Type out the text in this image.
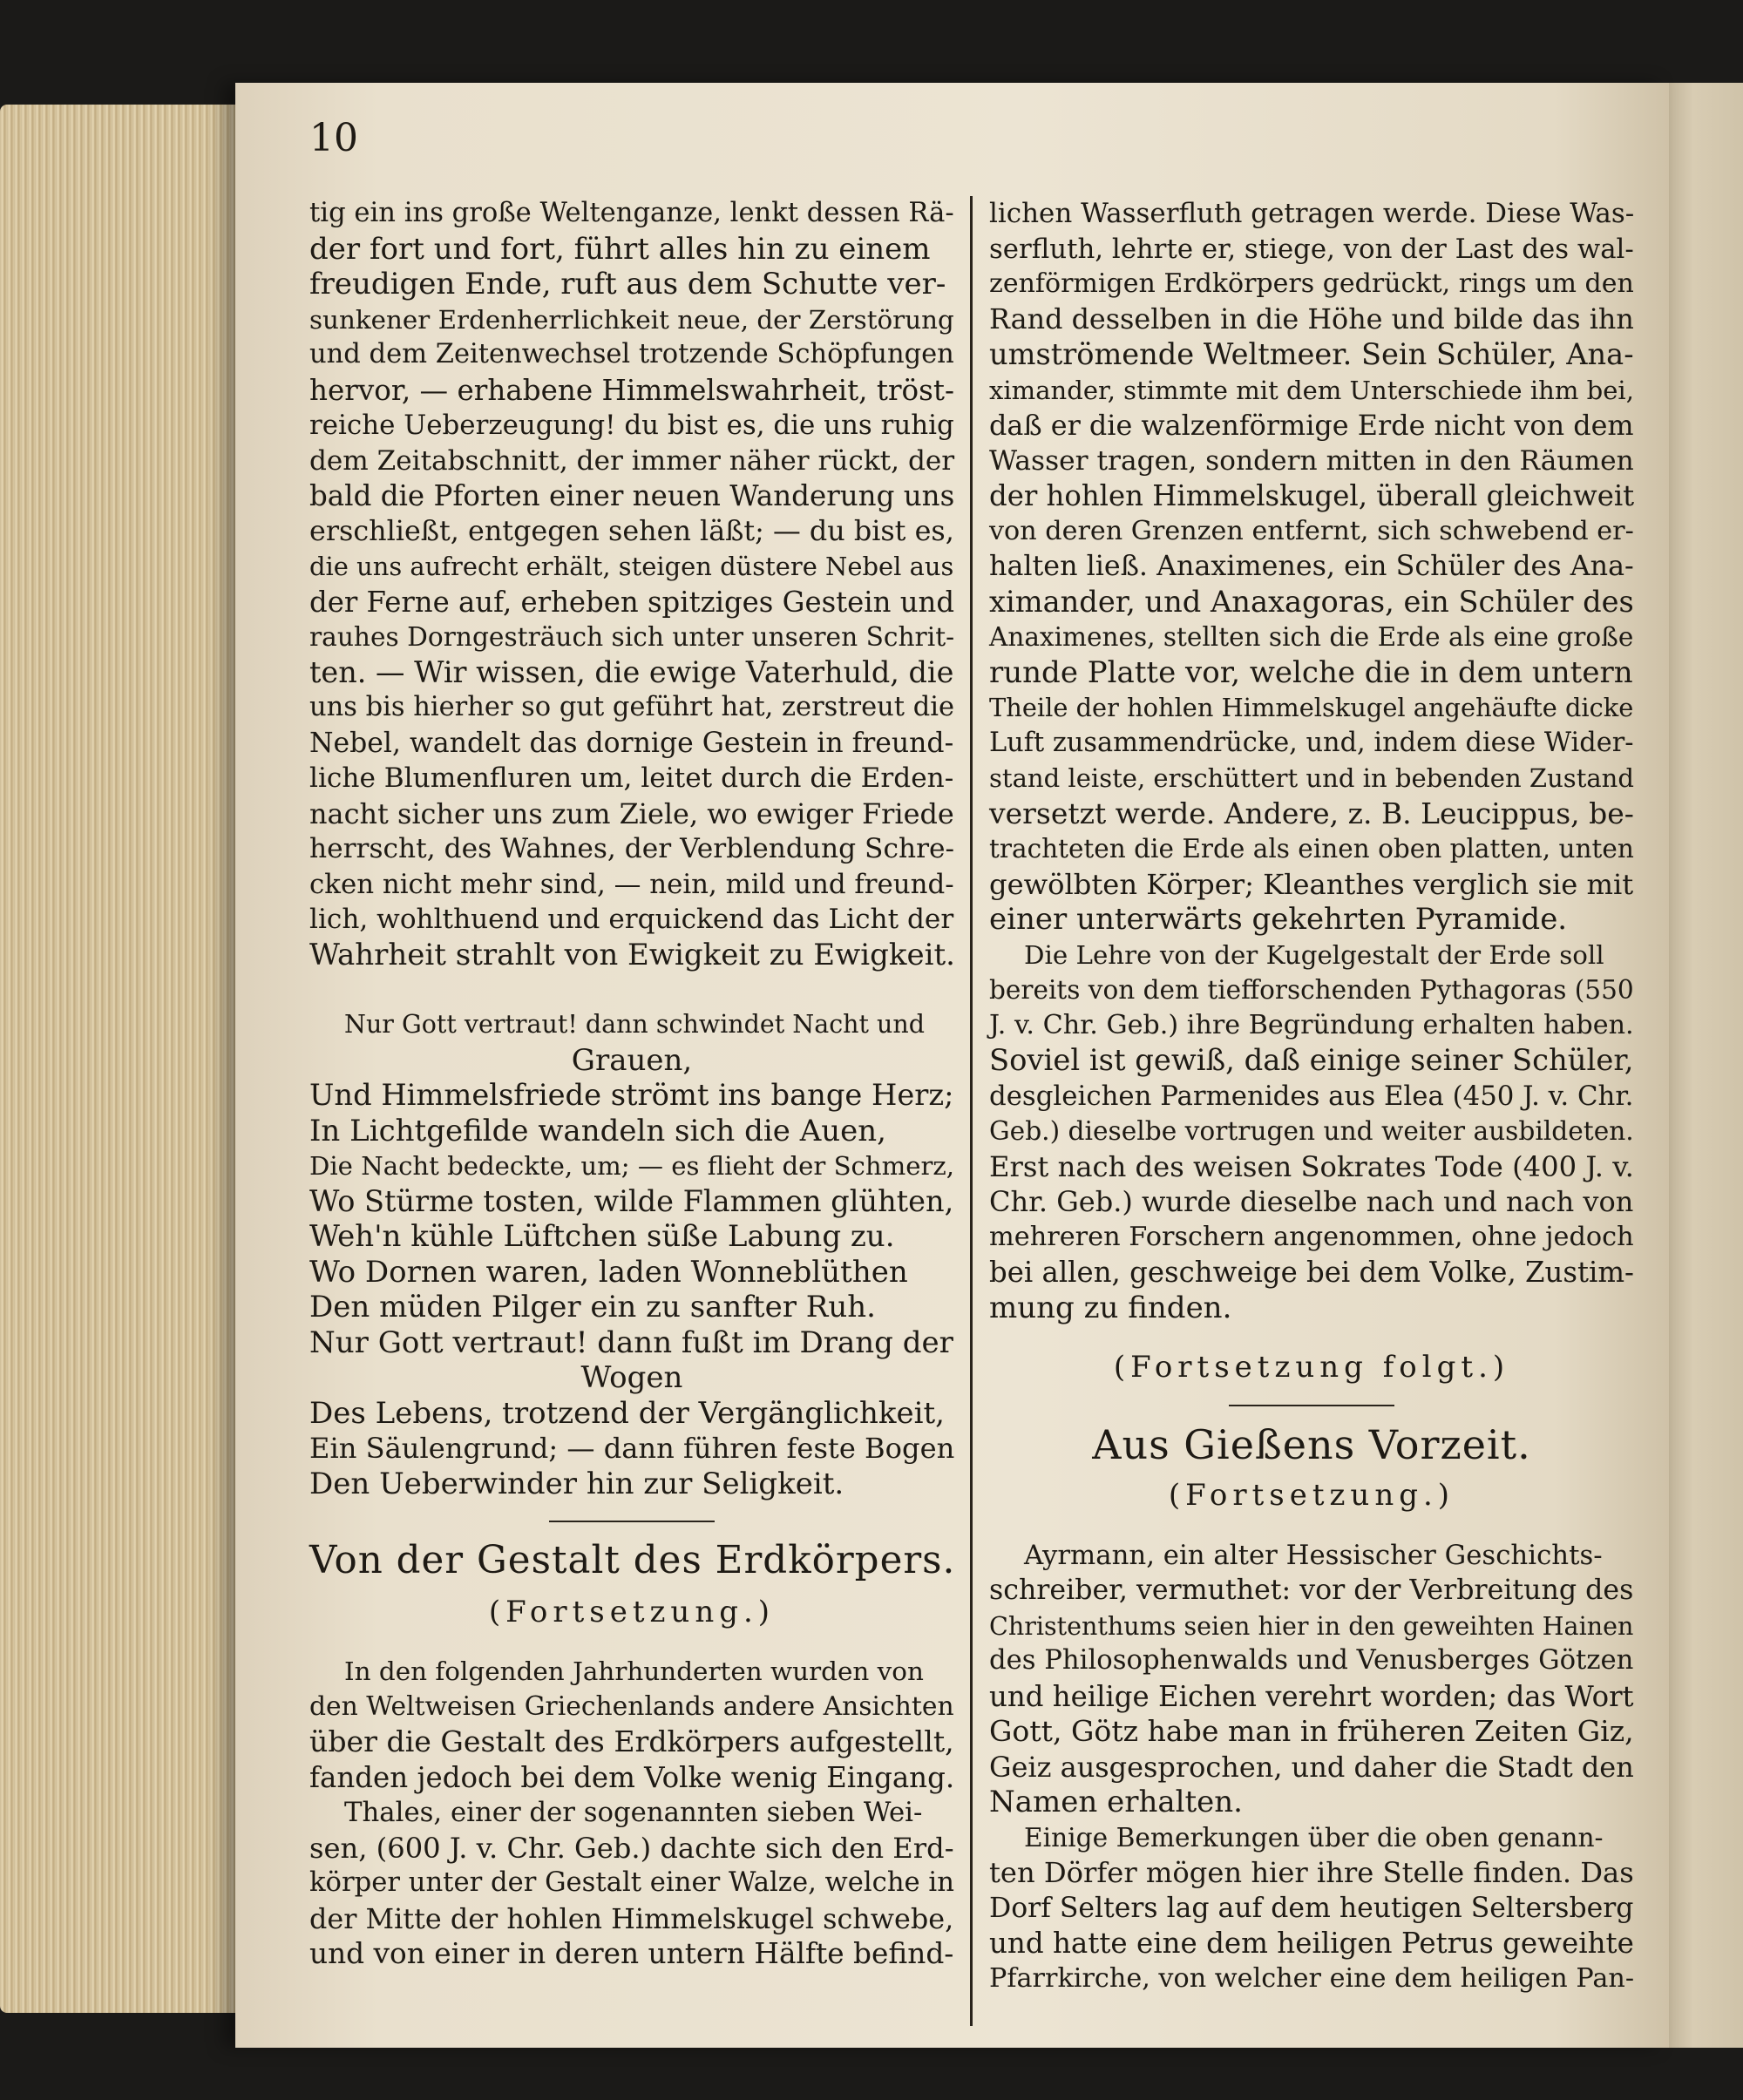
10

tig ein ins große Weltenganze, lenkt dessen Rä-

der fort und fort, führt alles hin zu einem

freudigen Ende, ruft aus dem Schutte ver-

sunkener Erdenherrlichkeit neue, der Zerstörung

und dem Zeitenwechsel trotzende Schöpfungen

hervor, — erhabene Himmelswahrheit, tröst-

reiche Ueberzeugung! du bist es, die uns ruhig

dem Zeitabschnitt, der immer näher rückt, der

bald die Pforten einer neuen Wanderung uns

erschließt, entgegen sehen läßt; — du bist es,

die uns aufrecht erhält, steigen düstere Nebel aus

der Ferne auf, erheben spitziges Gestein und

rauhes Dorngesträuch sich unter unseren Schrit-

ten. — Wir wissen, die ewige Vaterhuld, die

uns bis hierher so gut geführt hat, zerstreut die

Nebel, wandelt das dornige Gestein in freund-

liche Blumenfluren um, leitet durch die Erden-

nacht sicher uns zum Ziele, wo ewiger Friede

herrscht, des Wahnes, der Verblendung Schre-

cken nicht mehr sind, — nein, mild und freund-

lich, wohlthuend und erquickend das Licht der

Wahrheit strahlt von Ewigkeit zu Ewigkeit.

Nur Gott vertraut! dann schwindet Nacht und

Grauen,

Und Himmelsfriede strömt ins bange Herz;

In Lichtgefilde wandeln sich die Auen,

Die Nacht bedeckte, um; — es flieht der Schmerz,

Wo Stürme tosten, wilde Flammen glühten,

Weh'n kühle Lüftchen süße Labung zu.

Wo Dornen waren, laden Wonneblüthen

Den müden Pilger ein zu sanfter Ruh.

Nur Gott vertraut! dann fußt im Drang der

Wogen

Des Lebens, trotzend der Vergänglichkeit,

Ein Säulengrund; — dann führen feste Bogen

Den Ueberwinder hin zur Seligkeit.

Von der Gestalt des Erdkörpers.

(Fortsetzung.)

In den folgenden Jahrhunderten wurden von

den Weltweisen Griechenlands andere Ansichten

über die Gestalt des Erdkörpers aufgestellt,

fanden jedoch bei dem Volke wenig Eingang.

Thales, einer der sogenannten sieben Wei-

sen, (600 J. v. Chr. Geb.) dachte sich den Erd-

körper unter der Gestalt einer Walze, welche in

der Mitte der hohlen Himmelskugel schwebe,

und von einer in deren untern Hälfte befind-

lichen Wasserfluth getragen werde. Diese Was-

serfluth, lehrte er, stiege, von der Last des wal-

zenförmigen Erdkörpers gedrückt, rings um den

Rand desselben in die Höhe und bilde das ihn

umströmende Weltmeer. Sein Schüler, Ana-

ximander, stimmte mit dem Unterschiede ihm bei,

daß er die walzenförmige Erde nicht von dem

Wasser tragen, sondern mitten in den Räumen

der hohlen Himmelskugel, überall gleichweit

von deren Grenzen entfernt, sich schwebend er-

halten ließ. Anaximenes, ein Schüler des Ana-

ximander, und Anaxagoras, ein Schüler des

Anaximenes, stellten sich die Erde als eine große

runde Platte vor, welche die in dem untern

Theile der hohlen Himmelskugel angehäufte dicke

Luft zusammendrücke, und, indem diese Wider-

stand leiste, erschüttert und in bebenden Zustand

versetzt werde. Andere, z. B. Leucippus, be-

trachteten die Erde als einen oben platten, unten

gewölbten Körper; Kleanthes verglich sie mit

einer unterwärts gekehrten Pyramide.

Die Lehre von der Kugelgestalt der Erde soll

bereits von dem tiefforschenden Pythagoras (550

J. v. Chr. Geb.) ihre Begründung erhalten haben.

Soviel ist gewiß, daß einige seiner Schüler,

desgleichen Parmenides aus Elea (450 J. v. Chr.

Geb.) dieselbe vortrugen und weiter ausbildeten.

Erst nach des weisen Sokrates Tode (400 J. v.

Chr. Geb.) wurde dieselbe nach und nach von

mehreren Forschern angenommen, ohne jedoch

bei allen, geschweige bei dem Volke, Zustim-

mung zu finden.

(Fortsetzung folgt.)

Aus Gießens Vorzeit.

(Fortsetzung.)

Ayrmann, ein alter Hessischer Geschichts-

schreiber, vermuthet: vor der Verbreitung des

Christenthums seien hier in den geweihten Hainen

des Philosophenwalds und Venusberges Götzen

und heilige Eichen verehrt worden; das Wort

Gott, Götz habe man in früheren Zeiten Giz,

Geiz ausgesprochen, und daher die Stadt den

Namen erhalten.

Einige Bemerkungen über die oben genann-

ten Dörfer mögen hier ihre Stelle finden. Das

Dorf Selters lag auf dem heutigen Seltersberg

und hatte eine dem heiligen Petrus geweihte

Pfarrkirche, von welcher eine dem heiligen Pan-
